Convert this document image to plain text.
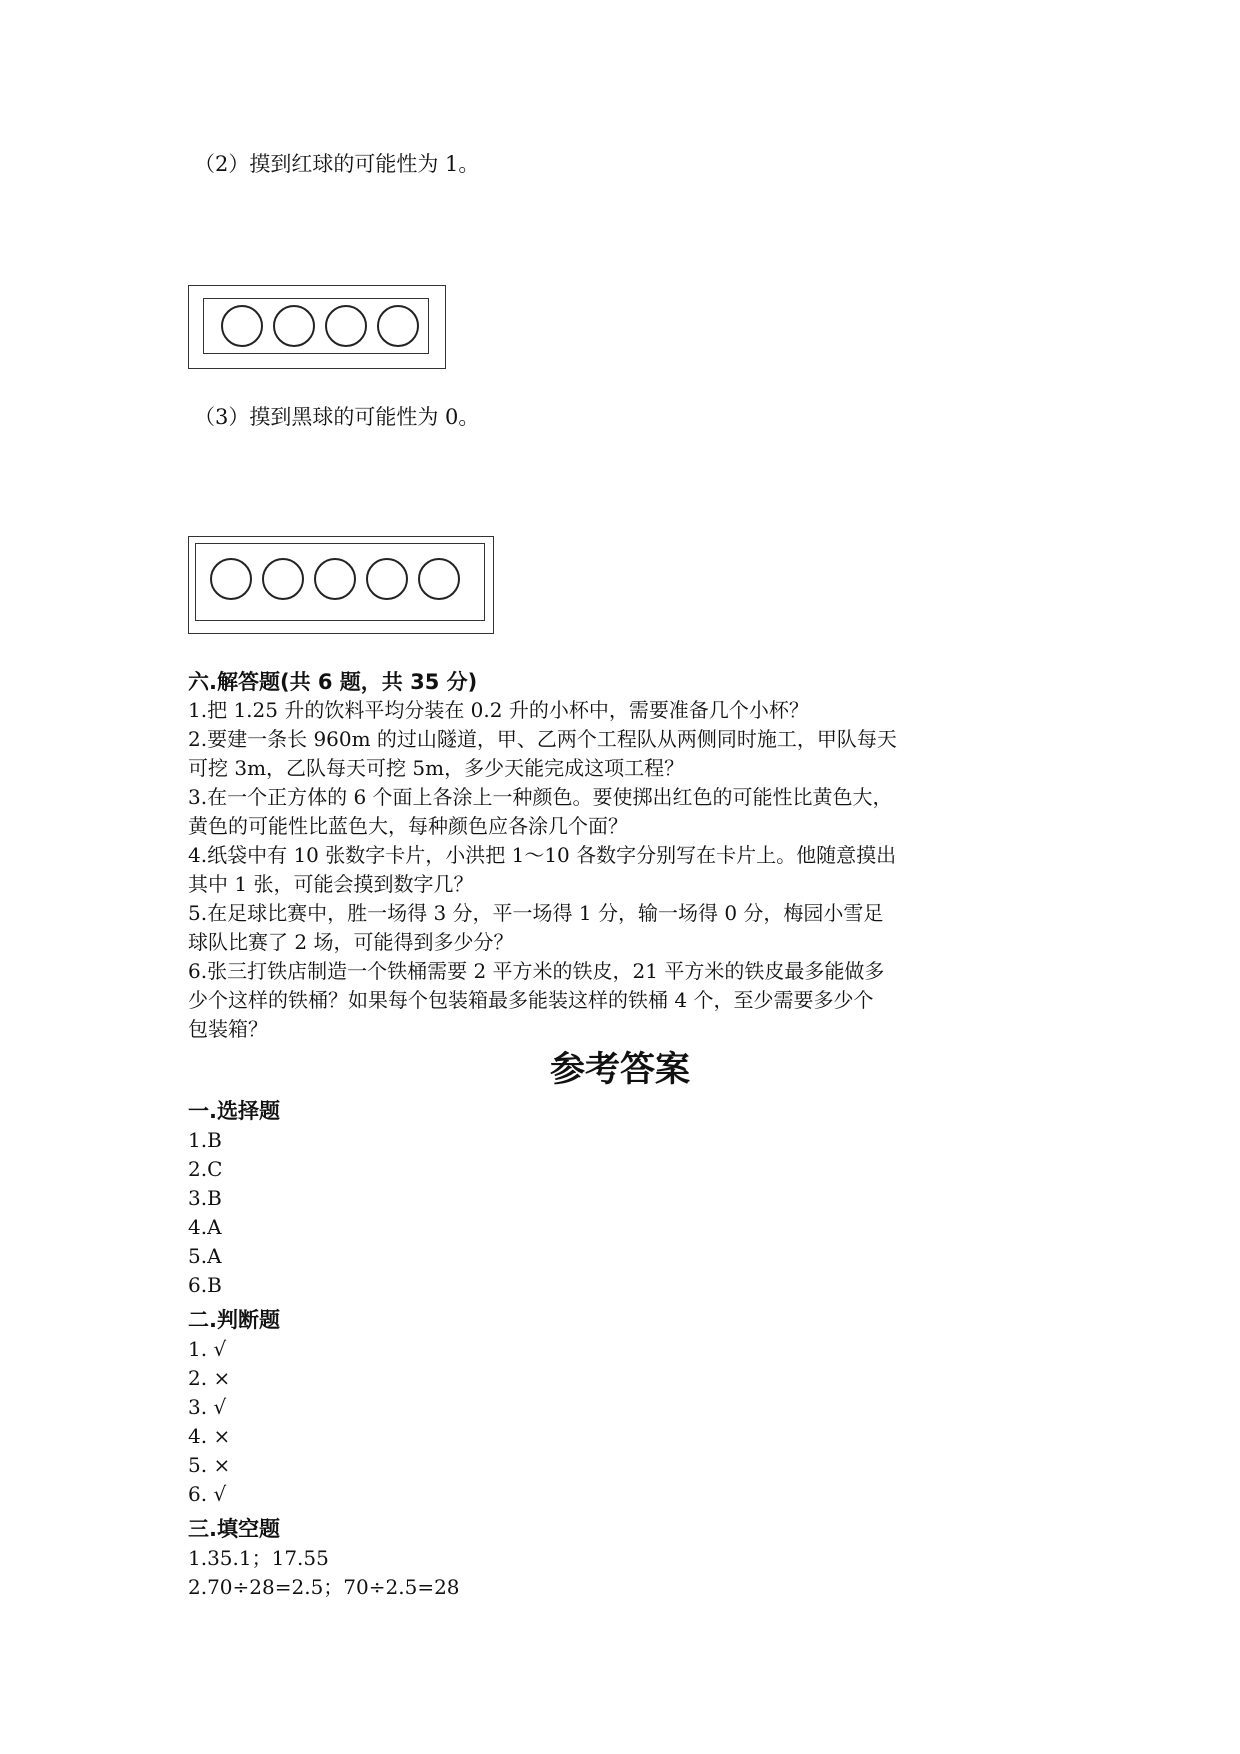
（2）摸到红球的可能性为 1。
（3）摸到黑球的可能性为 0。
六.解答题(共 6 题，共 35 分)
1.把 1.25 升的饮料平均分装在 0.2 升的小杯中，需要准备几个小杯？
2.要建一条长 960m 的过山隧道，甲、乙两个工程队从两侧同时施工，甲队每天
可挖 3m，乙队每天可挖 5m，多少天能完成这项工程？
3.在一个正方体的 6 个面上各涂上一种颜色。要使掷出红色的可能性比黄色大，
黄色的可能性比蓝色大，每种颜色应各涂几个面？
4.纸袋中有 10 张数字卡片，小洪把 1～10 各数字分别写在卡片上。他随意摸出
其中 1 张，可能会摸到数字几？
5.在足球比赛中，胜一场得 3 分，平一场得 1 分，输一场得 0 分，梅园小雪足
球队比赛了 2 场，可能得到多少分？
6.张三打铁店制造一个铁桶需要 2 平方米的铁皮，21 平方米的铁皮最多能做多
少个这样的铁桶？如果每个包装箱最多能装这样的铁桶 4 个，至少需要多少个
包装箱？
参考答案
一.选择题
1.B
2.C
3.B
4.A
5.A
6.B
二.判断题
1. √
2. ×
3. √
4. ×
5. ×
6. √
三.填空题
1.35.1；17.55
2.70÷28=2.5；70÷2.5=28
